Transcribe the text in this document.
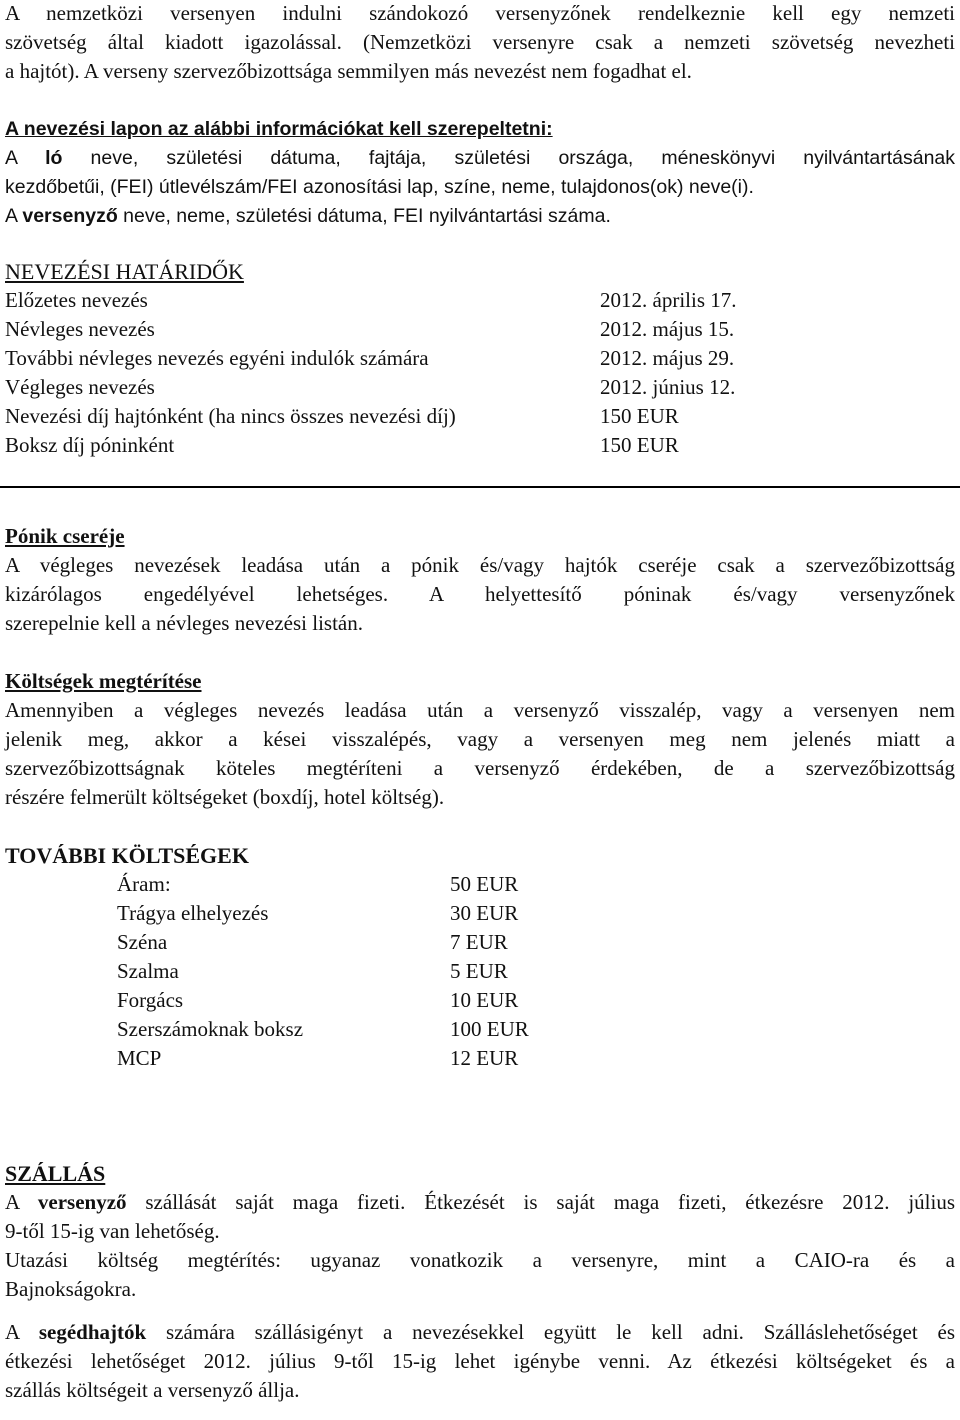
A nemzetközi versenyen indulni szándokozó versenyzőnek rendelkeznie kell egy nemzeti
szövetség által kiadott igazolással. (Nemzetközi versenyre csak a nemzeti szövetség nevezheti
a hajtót). A verseny szervezőbizottsága semmilyen más nevezést nem fogadhat el.
A nevezési lapon az alábbi információkat kell szerepeltetni:
A ló neve, születési dátuma, fajtája, születési országa, méneskönyvi nyilvántartásának
kezdőbetűi, (FEI) útlevélszám/FEI azonosítási lap, színe, neme, tulajdonos(ok) neve(i).
A versenyző neve, neme, születési dátuma, FEI nyilvántartási száma.
NEVEZÉSI HATÁRIDŐK
Előzetes nevezés	2012. április 17.
Névleges nevezés	2012. május 15.
További névleges nevezés egyéni indulók számára	2012. május 29.
Végleges nevezés	2012. június 12.
Nevezési díj hajtónként (ha nincs összes nevezési díj)	150 EUR
Boksz díj póninként	150 EUR
Pónik cseréje
A végleges nevezések leadása után a pónik és/vagy hajtók cseréje csak a szervezőbizottság
kizárólagos engedélyével lehetséges. A helyettesítő póninak és/vagy versenyzőnek
szerepelnie kell a névleges nevezési listán.
Költségek megtérítése
Amennyiben a végleges nevezés leadása után a versenyző visszalép, vagy a versenyen nem
jelenik meg, akkor a kései visszalépés, vagy a versenyen meg nem jelenés miatt a
szervezőbizottságnak köteles megtéríteni a versenyző érdekében, de a szervezőbizottság
részére felmerült költségeket (boxdíj, hotel költség).
TOVÁBBI KÖLTSÉGEK
Áram:	50 EUR
Trágya elhelyezés	30 EUR
Széna	7 EUR
Szalma	5 EUR
Forgács	10 EUR
Szerszámoknak boksz	100 EUR
MCP	12 EUR
SZÁLLÁS
A versenyző szállását saját maga fizeti. Étkezését is saját maga fizeti, étkezésre 2012. július
9-től 15-ig van lehetőség.
Utazási költség megtérítés: ugyanaz vonatkozik a versenyre, mint a CAIO-ra és a
Bajnokságokra.
A segédhajtók számára szállásigényt a nevezésekkel együtt le kell adni. Szálláslehetőséget és
étkezési lehetőséget 2012. július 9-től 15-ig lehet igénybe venni. Az étkezési költségeket és a
szállás költségeit a versenyző állja.
